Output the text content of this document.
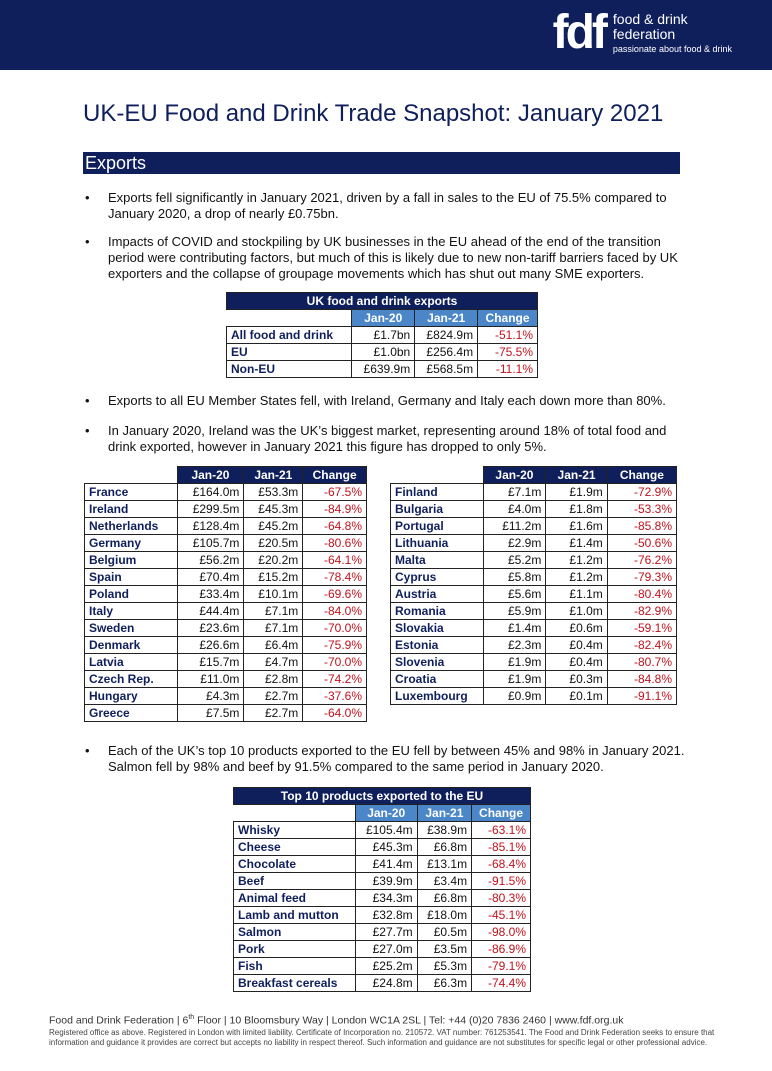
fdf food & drink
federation
passionate about food & drink
UK-EU Food and Drink Trade Snapshot: January 2021
Exports
• Exports fell significantly in January 2021, driven by a fall in sales to the EU of 75.5% compared to January 2020, a drop of nearly £0.75bn.
• Impacts of COVID and stockpiling by UK businesses in the EU ahead of the end of the transition period were contributing factors, but much of this is likely due to new non-tariff barriers faced by UK exporters and the collapse of groupage movements which has shut out many SME exporters.
UK food and drink exports			
	Jan-20	Jan-21	Change
All food and drink	£1.7bn	£824.9m	-51.1%
EU	£1.0bn	£256.4m	-75.5%
Non-EU	£639.9m	£568.5m	-11.1%
• Exports to all EU Member States fell, with Ireland, Germany and Italy each down more than 80%.
• In January 2020, Ireland was the UK’s biggest market, representing around 18% of total food and drink exported, however in January 2021 this figure has dropped to only 5%.
	Jan-20	Jan-21	Change
France	£164.0m	£53.3m	-67.5%
Ireland	£299.5m	£45.3m	-84.9%
Netherlands	£128.4m	£45.2m	-64.8%
Germany	£105.7m	£20.5m	-80.6%
Belgium	£56.2m	£20.2m	-64.1%
Spain	£70.4m	£15.2m	-78.4%
Poland	£33.4m	£10.1m	-69.6%
Italy	£44.4m	£7.1m	-84.0%
Sweden	£23.6m	£7.1m	-70.0%
Denmark	£26.6m	£6.4m	-75.9%
Latvia	£15.7m	£4.7m	-70.0%
Czech Rep.	£11.0m	£2.8m	-74.2%
Hungary	£4.3m	£2.7m	-37.6%
Greece	£7.5m	£2.7m	-64.0%
	Jan-20	Jan-21	Change
Finland	£7.1m	£1.9m	-72.9%
Bulgaria	£4.0m	£1.8m	-53.3%
Portugal	£11.2m	£1.6m	-85.8%
Lithuania	£2.9m	£1.4m	-50.6%
Malta	£5.2m	£1.2m	-76.2%
Cyprus	£5.8m	£1.2m	-79.3%
Austria	£5.6m	£1.1m	-80.4%
Romania	£5.9m	£1.0m	-82.9%
Slovakia	£1.4m	£0.6m	-59.1%
Estonia	£2.3m	£0.4m	-82.4%
Slovenia	£1.9m	£0.4m	-80.7%
Croatia	£1.9m	£0.3m	-84.8%
Luxembourg	£0.9m	£0.1m	-91.1%
• Each of the UK’s top 10 products exported to the EU fell by between 45% and 98% in January 2021. Salmon fell by 98% and beef by 91.5% compared to the same period in January 2020.
Top 10 products exported to the EU			
	Jan-20	Jan-21	Change
Whisky	£105.4m	£38.9m	-63.1%
Cheese	£45.3m	£6.8m	-85.1%
Chocolate	£41.4m	£13.1m	-68.4%
Beef	£39.9m	£3.4m	-91.5%
Animal feed	£34.3m	£6.8m	-80.3%
Lamb and mutton	£32.8m	£18.0m	-45.1%
Salmon	£27.7m	£0.5m	-98.0%
Pork	£27.0m	£3.5m	-86.9%
Fish	£25.2m	£5.3m	-79.1%
Breakfast cereals	£24.8m	£6.3m	-74.4%
Food and Drink Federation | 6th Floor | 10 Bloomsbury Way | London WC1A 2SL | Tel: +44 (0)20 7836 2460 | www.fdf.org.uk
Registered office as above. Registered in London with limited liability. Certificate of Incorporation no. 210572. VAT number: 761253541. The Food and Drink Federation seeks to ensure that information and guidance it provides are correct but accepts no liability in respect thereof. Such information and guidance are not substitutes for specific legal or other professional advice.
